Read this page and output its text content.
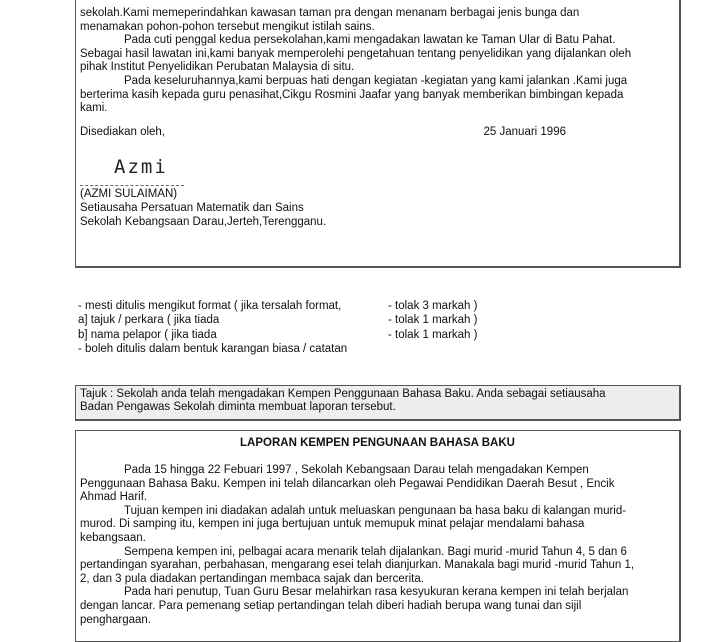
sekolah.Kami memeperindahkan kawasan taman pra dengan menanam berbagai jenis bunga dan

menamakan pohon-pohon tersebut mengikut istilah sains.

Pada cuti penggal kedua persekolahan,kami mengadakan lawatan ke Taman Ular di Batu Pahat.

Sebagai hasil lawatan ini,kami banyak memperolehi pengetahuan tentang penyelidikan yang dijalankan oleh

pihak Institut Penyelidikan Perubatan Malaysia di situ.

Pada keseluruhannya,kami berpuas hati dengan kegiatan -kegiatan yang kami jalankan .Kami juga

berterima kasih kepada guru penasihat,Cikgu Rosmini Jaafar yang banyak memberikan bimbingan kepada

kami.

Disediakan oleh,	25 Januari 1996
Azmi

(AZMI SULAIMAN)

Setiausaha Persatuan Matematik dan Sains

Sekolah Kebangsaan Darau,Jerteh,Terengganu.

- mesti ditulis mengikut format ( jika tersalah format,	- tolak 3 markah )
a] tajuk / perkara ( jika tiada	- tolak 1 markah )
b] nama pelapor ( jika tiada	- tolak 1 markah )
- boleh ditulis dalam bentuk karangan biasa / catatan
Tajuk : Sekolah anda telah mengadakan Kempen Penggunaan Bahasa Baku. Anda sebagai setiausaha
Badan Pengawas Sekolah diminta membuat laporan tersebut.
LAPORAN KEMPEN PENGUNAAN BAHASA BAKU

Pada 15 hingga 22 Febuari 1997 , Sekolah Kebangsaan Darau telah mengadakan Kempen

Penggunaan Bahasa Baku. Kempen ini telah dilancarkan oleh Pegawai Pendidikan Daerah Besut , Encik

Ahmad Harif.

Tujuan kempen ini diadakan adalah untuk meluaskan pengunaan ba hasa baku di kalangan murid-

murod. Di samping itu, kempen ini juga bertujuan untuk memupuk minat pelajar mendalami bahasa

kebangsaan.

Sempena kempen ini, pelbagai acara menarik telah dijalankan. Bagi murid -murid Tahun 4, 5 dan 6

pertandingan syarahan, perbahasan, mengarang esei telah dianjurkan. Manakala bagi murid -murid Tahun 1,

2, dan 3 pula diadakan pertandingan membaca sajak dan bercerita.

Pada hari penutup, Tuan Guru Besar melahirkan rasa kesyukuran kerana kempen ini telah berjalan

dengan lancar. Para pemenang setiap pertandingan telah diberi hadiah berupa wang tunai dan sijil

penghargaan.
